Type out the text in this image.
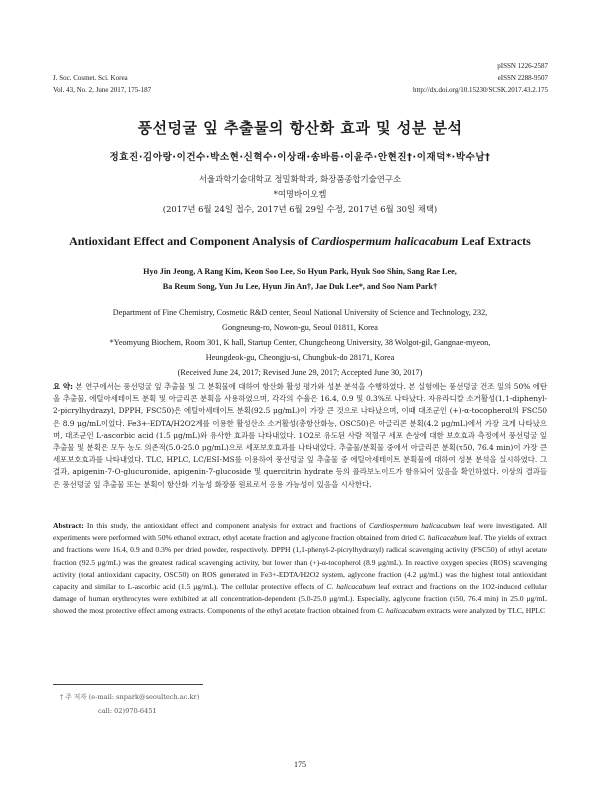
J. Soc. Cosmet. Sci. Korea
Vol. 43, No. 2, June 2017, 175-187
pISSN 1226-2587
eISSN 2288-9507
http://dx.doi.org/10.15230/SCSK.2017.43.2.175
풍선덩굴 잎 추출물의 항산화 효과 및 성분 분석
정효진·김아랑·이건수·박소현·신혁수·이상래·송바름·이윤주·안현진†·이재덕*·박수남†
서울과학기술대학교 정밀화학과, 화장품종합기술연구소
*여명바이오켐
(2017년 6월 24일 접수, 2017년 6월 29일 수정, 2017년 6월 30일 채택)
Antioxidant Effect and Component Analysis of Cardiospermum halicacabum Leaf Extracts
Hyo Jin Jeong, A Rang Kim, Keon Soo Lee, So Hyun Park, Hyuk Soo Shin, Sang Rae Lee,
Ba Reum Song, Yun Ju Lee, Hyun Jin An†, Jae Duk Lee*, and Soo Nam Park†
Department of Fine Chemistry, Cosmetic R&D center, Seoul National University of Science and Technology, 232,
Gongneung-ro, Nowon-gu, Seoul 01811, Korea
*Yeomyung Biochem, Room 301, K hall, Startup Center, Chungcheong University, 38 Wolgot-gil, Gangnae-myeon,
Heungdeok-gu, Cheongju-si, Chungbuk-do 28171, Korea
(Received June 24, 2017; Revised June 29, 2017; Accepted June 30, 2017)
요 약: 본 연구에서는 풍선덩굴 잎 추출물 및 그 분획물에 대하여 항산화 활성 평가와 성분 분석을 수행하였다. 본 실험에는 풍선덩굴 건조 잎의 50% 에탄올 추출물, 에틸아세테이트 분획 및 아글리콘 분획을 사용하였으며, 각각의 수율은 16.4, 0.9 및 0.3%로 나타났다. 자유라디칼 소거활성(1,1-diphenyl-2-picrylhydrazyl, DPPH, FSC50)은 에틸아세테이트 분획(92.5 μg/mL)이 가장 큰 것으로 나타났으며, 이때 대조군인 (+)-α-tocopherol의 FSC50은 8.9 μg/mL이었다. Fe3+-EDTA/H2O2계를 이용한 활성산소 소거활성(총항산화능, OSC50)은 아글리콘 분획(4.2 μg/mL)에서 가장 크게 나타났으며, 대조군인 L-ascorbic acid (1.5 μg/mL)와 유사한 효과를 나타내었다. 1O2로 유도된 사람 적혈구 세포 손상에 대한 보호효과 측정에서 풍선덩굴 잎 추출물 및 분획은 모두 농도 의존적(5.0-25.0 μg/mL)으로 세포보호효과를 나타내었다. 추출물/분획물 중에서 아글리콘 분획(τ50, 76.4 min)이 가장 큰 세포보호효과를 나타내었다. TLC, HPLC, LC/ESI-MS를 이용하여 풍선덩굴 잎 추출물 중 에틸아세테이트 분획물에 대하여 성분 분석을 실시하였다. 그 결과, apigenin-7-O-glucuronide, apigenin-7-glucoside 및 quercitrin hydrate 등의 플라보노이드가 함유되어 있음을 확인하였다. 이상의 결과들은 풍선덩굴 잎 추출물 또는 분획이 항산화 기능성 화장품 원료로서 응용 가능성이 있음을 시사한다.
Abstract: In this study, the antioxidant effect and component analysis for extract and fractions of Cardiospermum halicacabum leaf were investigated. All experiments were performed with 50% ethanol extract, ethyl acetate fraction and aglycone fraction obtained from dried C. halicacabum leaf. The yields of extract and fractions were 16.4, 0.9 and 0.3% per dried powder, respectively. DPPH (1,1-phenyl-2-picrylhydrazyl) radical scavenging activity (FSC50) of ethyl acetate fraction (92.5 μg/mL) was the greatest radical scavenging activity, but lower than (+)-α-tocopherol (8.9 μg/mL). In reactive oxygen species (ROS) scavenging activity (total antioxidant capacity, OSC50) on ROS generated in Fe3+-EDTA/H2O2 system, aglycone fraction (4.2 μg/mL) was the highest total antioxidant capacity and similar to L-ascorbic acid (1.5 μg/mL). The cellular protective effects of C. halicacabum leaf extract and fractions on the 1O2-induced cellular damage of human erythrocytes were exhibited at all concentration-dependent (5.0-25.0 μg/mL). Especially, aglycone fraction (τ50, 76.4 min) in 25.0 μg/mL showed the most protective effect among extracts. Components of the ethyl acetate fraction obtained from C. halicacabum extracts were analyzed by TLC, HPLC
† 주 저자 (e-mail: snpark@seoultech.ac.kr)
call: 02)970-6451
175
